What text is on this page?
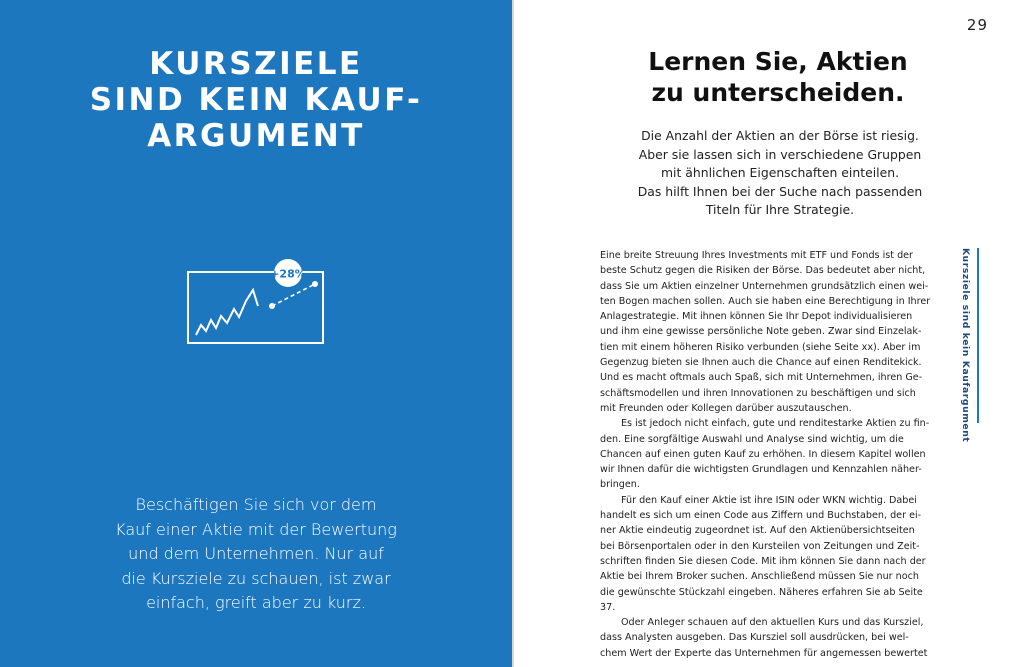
KURSZIELE
SIND KEIN KAUF-
ARGUMENT
+28%
Beschäftigen Sie sich vor dem
Kauf einer Aktie mit der Bewertung
und dem Unternehmen. Nur auf
die Kursziele zu schauen, ist zwar
einfach, greift aber zu kurz.
29
Lernen Sie, Aktien
zu unterscheiden.
Die Anzahl der Aktien an der Börse ist riesig.
Aber sie lassen sich in verschiedene Gruppen
mit ähnlichen Eigenschaften einteilen.
Das hilft Ihnen bei der Suche nach passenden
Titeln für Ihre Strategie.
Eine breite Streuung Ihres Investments mit ETF und Fonds ist der
beste Schutz gegen die Risiken der Börse. Das bedeutet aber nicht,
dass Sie um Aktien einzelner Unternehmen grundsätzlich einen wei-
ten Bogen machen sollen. Auch sie haben eine Berechtigung in Ihrer
Anlagestrategie. Mit ihnen können Sie Ihr Depot individualisieren
und ihm eine gewisse persönliche Note geben. Zwar sind Einzelak-
tien mit einem höheren Risiko verbunden (siehe Seite xx). Aber im
Gegenzug bieten sie Ihnen auch die Chance auf einen Renditekick.
Und es macht oftmals auch Spaß, sich mit Unternehmen, ihren Ge-
schäftsmodellen und ihren Innovationen zu beschäftigen und sich
mit Freunden oder Kollegen darüber auszutauschen.
Es ist jedoch nicht einfach, gute und renditestarke Aktien zu fin-
den. Eine sorgfältige Auswahl und Analyse sind wichtig, um die
Chancen auf einen guten Kauf zu erhöhen. In diesem Kapitel wollen
wir Ihnen dafür die wichtigsten Grundlagen und Kennzahlen näher-
bringen.
Für den Kauf einer Aktie ist ihre ISIN oder WKN wichtig. Dabei
handelt es sich um einen Code aus Ziffern und Buchstaben, der ei-
ner Aktie eindeutig zugeordnet ist. Auf den Aktienübersichtseiten
bei Börsenportalen oder in den Kursteilen von Zeitungen und Zeit-
schriften finden Sie diesen Code. Mit ihm können Sie dann nach der
Aktie bei Ihrem Broker suchen. Anschließend müssen Sie nur noch
die gewünschte Stückzahl eingeben. Näheres erfahren Sie ab Seite
37.
Oder Anleger schauen auf den aktuellen Kurs und das Kursziel,
dass Analysten ausgeben. Das Kursziel soll ausdrücken, bei wel-
chem Wert der Experte das Unternehmen für angemessen bewertet
Kursziele sind kein Kaufargument
